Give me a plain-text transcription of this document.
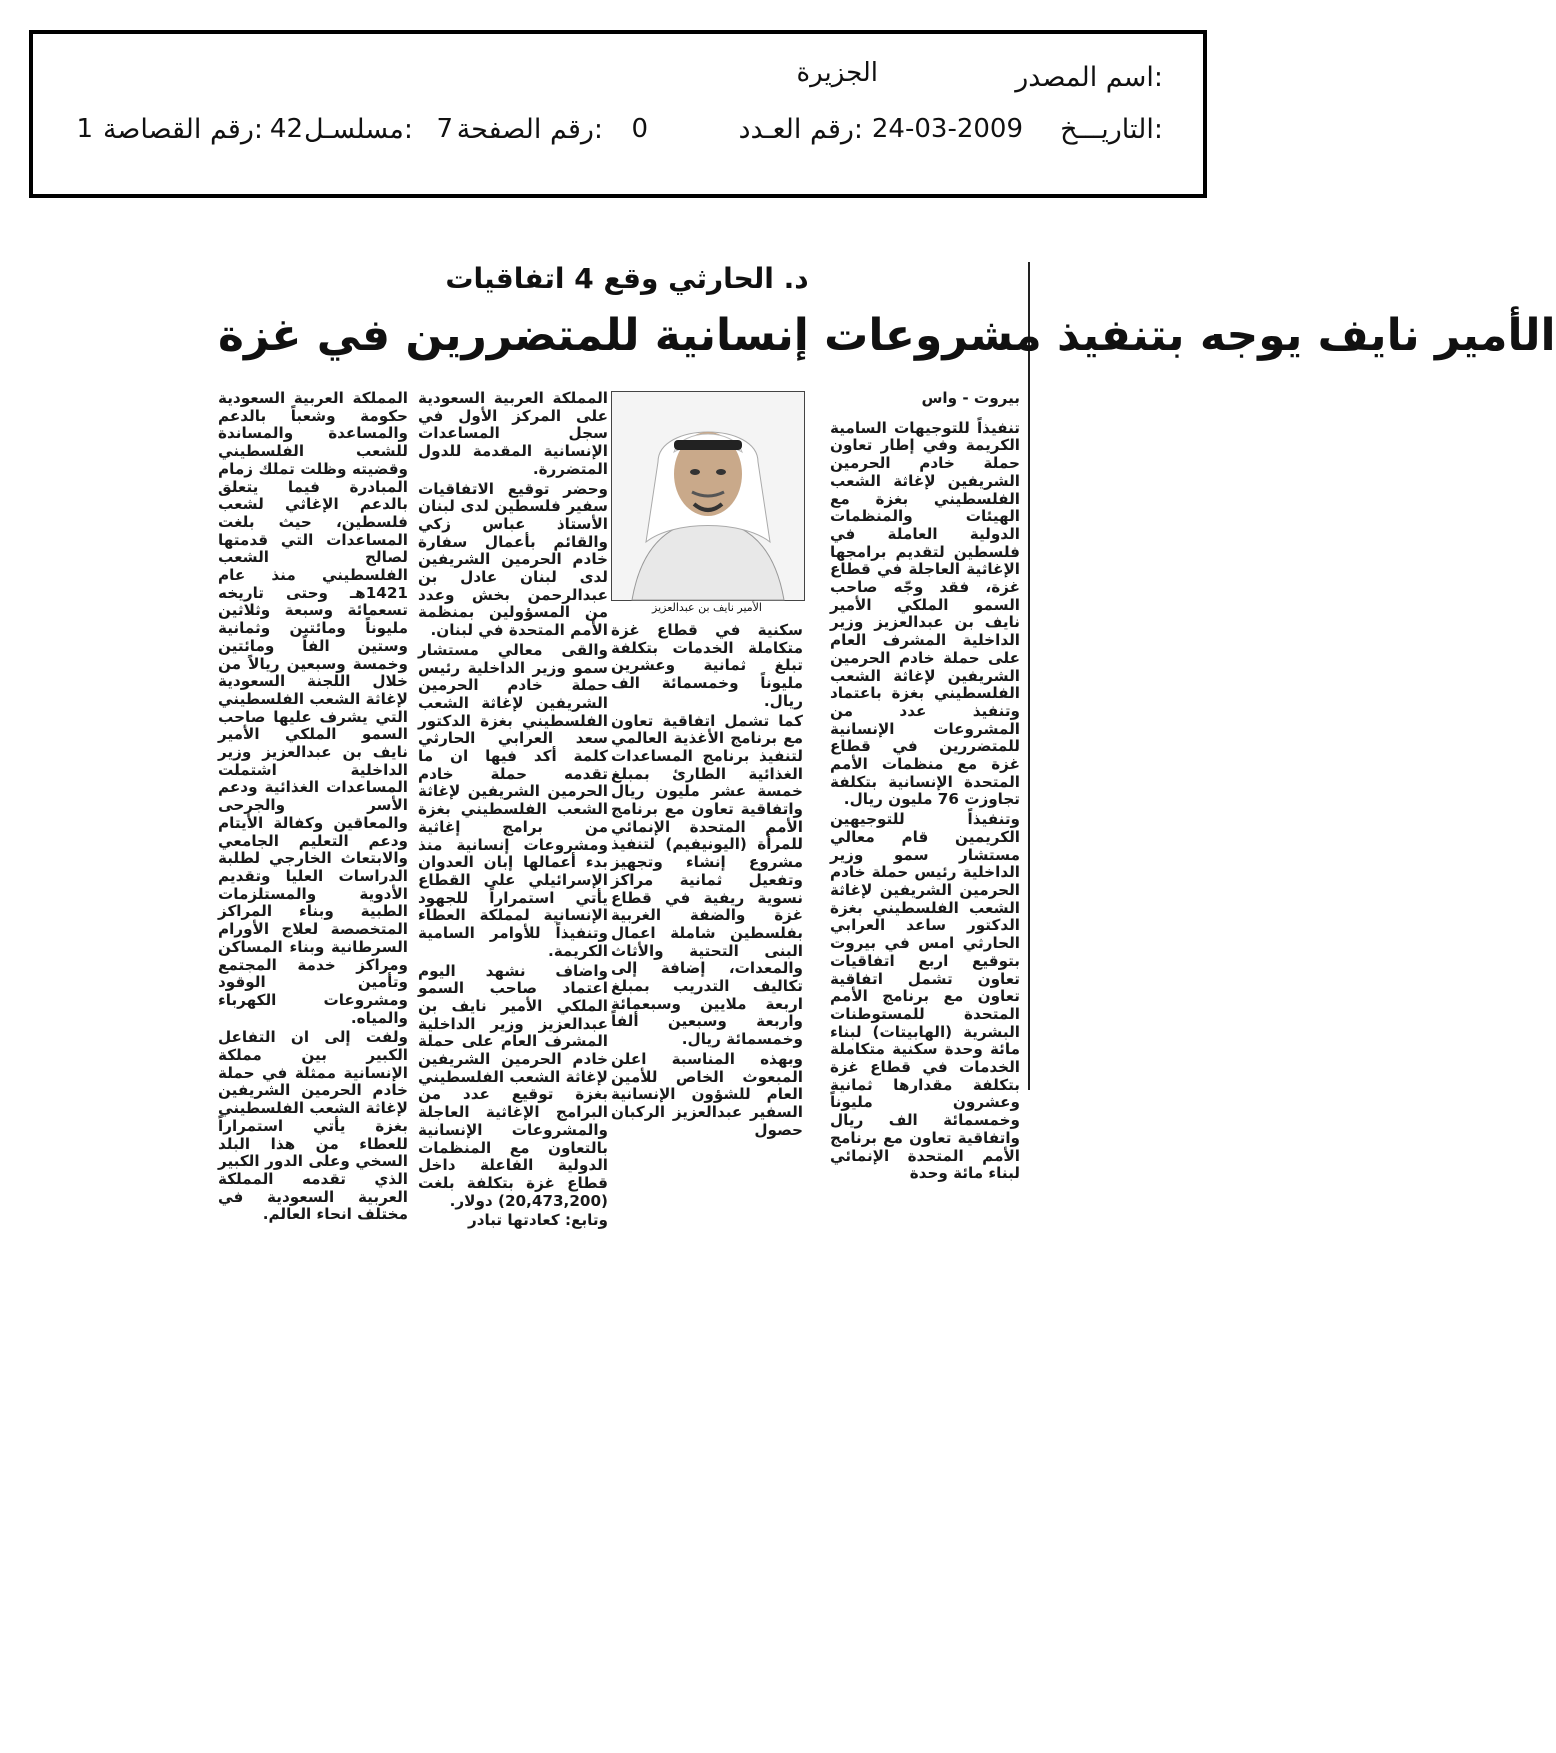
اسم المصدر:
الجزيرة
التاريـــخ:
24-03-2009
رقم العـدد:
0
رقم الصفحة:
7
مسلسـل:
42
رقم القصاصة:
1
د. الحارثي وقع 4 اتفاقيات
الأمير نايف يوجه بتنفيذ مشروعات إنسانية للمتضررين في غزة

بيروت - واس

تنفيذاً للتوجيهات السامية الكريمة وفي إطار تعاون حملة خادم الحرمين الشريفين لإغاثة الشعب الفلسطيني بغزة مع الهيئات والمنظمات الدولية العاملة في فلسطين لتقديم برامجها الإغاثية العاجلة في قطاع غزة، فقد وجّه صاحب السمو الملكي الأمير نايف بن عبدالعزيز وزير الداخلية المشرف العام على حملة خادم الحرمين الشريفين لإغاثة الشعب الفلسطيني بغزة باعتماد وتنفيذ عدد من المشروعات الإنسانية للمتضررين في قطاع غزة مع منظمات الأمم المتحدة الإنسانية بتكلفة تجاوزت 76 مليون ريال.

وتنفيذاً للتوجيهين الكريمين قام معالي مستشار سمو وزير الداخلية رئيس حملة خادم الحرمين الشريفين لإغاثة الشعب الفلسطيني بغزة الدكتور ساعد العرابي الحارثي امس في بيروت بتوقيع اربع اتفاقيات تعاون تشمل اتفاقية تعاون مع برنامج الأمم المتحدة للمستوطنات البشرية (الهابيتات) لبناء مائة وحدة سكنية متكاملة الخدمات في قطاع غزة بتكلفة مقدارها ثمانية وعشرون مليوناً وخمسمائة الف ريال واتفاقية تعاون مع برنامج الأمم المتحدة الإنمائي لبناء مائة وحدة

الأمير نايف بن عبدالعزيز

سكنية في قطاع غزة متكاملة الخدمات بتكلفة تبلغ ثمانية وعشرين مليوناً وخمسمائة الف ريال.

كما تشمل اتفاقية تعاون مع برنامج الأغذية العالمي لتنفيذ برنامج المساعدات الغذائية الطارئ بمبلغ خمسة عشر مليون ريال واتفاقية تعاون مع برنامج الأمم المتحدة الإنمائي للمرأة (اليونيفيم) لتنفيذ مشروع إنشاء وتجهيز وتفعيل ثمانية مراكز نسوية ريفية في قطاع غزة والضفة الغربية بفلسطين شاملة اعمال البنى التحتية والأثاث والمعدات، إضافة إلى تكاليف التدريب بمبلغ اربعة ملايين وسبعمائة واربعة وسبعين ألفاً وخمسمائة ريال.

وبهذه المناسبة اعلن المبعوث الخاص للأمين العام للشؤون الإنسانية السفير عبدالعزيز الركبان حصول

المملكة العربية السعودية على المركز الأول في سجل المساعدات الإنسانية المقدمة للدول المتضررة.

وحضر توقيع الاتفاقيات سفير فلسطين لدى لبنان الأستاذ عباس زكي والقائم بأعمال سفارة خادم الحرمين الشريفين لدى لبنان عادل بن عبدالرحمن بخش وعدد من المسؤولين بمنظمة الأمم المتحدة في لبنان.

والقى معالي مستشار سمو وزير الداخلية رئيس حملة خادم الحرمين الشريفين لإغاثة الشعب الفلسطيني بغزة الدكتور سعد العرابي الحارثي كلمة أكد فيها ان ما تقدمه حملة خادم الحرمين الشريفين لإغاثة الشعب الفلسطيني بغزة من برامج إغاثية ومشروعات إنسانية منذ بدء أعمالها إبان العدوان الإسرائيلي على القطاع يأتي استمراراً للجهود الإنسانية لمملكة العطاء وتنفيذاً للأوامر السامية الكريمة.

واضاف نشهد اليوم اعتماد صاحب السمو الملكي الأمير نايف بن عبدالعزيز وزير الداخلية المشرف العام على حملة خادم الحرمين الشريفين لإغاثة الشعب الفلسطيني بغزة توقيع عدد من البرامج الإغاثية العاجلة والمشروعات الإنسانية بالتعاون مع المنظمات الدولية الفاعلة داخل قطاع غزة بتكلفة بلغت (20,473,200) دولار.

وتابع: كعادتها تبادر

المملكة العربية السعودية حكومة وشعباً بالدعم والمساعدة والمساندة للشعب الفلسطيني وقضيته وظلت تملك زمام المبادرة فيما يتعلق بالدعم الإغاثي لشعب فلسطين، حيث بلغت المساعدات التي قدمتها لصالح الشعب الفلسطيني منذ عام 1421هـ وحتى تاريخه تسعمائة وسبعة وثلاثين مليوناً ومائتين وثمانية وستين الفاً ومائتين وخمسة وسبعين ريالاً من خلال اللجنة السعودية لإغاثة الشعب الفلسطيني التي يشرف عليها صاحب السمو الملكي الأمير نايف بن عبدالعزيز وزير الداخلية اشتملت المساعدات الغذائية ودعم الأسر والجرحى والمعاقين وكفالة الأيتام ودعم التعليم الجامعي والابتعاث الخارجي لطلبة الدراسات العليا وتقديم الأدوية والمستلزمات الطبية وبناء المراكز المتخصصة لعلاج الأورام السرطانية وبناء المساكن ومراكز خدمة المجتمع وتأمين الوقود ومشروعات الكهرباء والمياه.

ولفت إلى ان التفاعل الكبير بين مملكة الإنسانية ممثلة في حملة خادم الحرمين الشريفين لإغاثة الشعب الفلسطيني بغزة يأتي استمراراً للعطاء من هذا البلد السخي وعلى الدور الكبير الذي تقدمه المملكة العربية السعودية في مختلف انحاء العالم.
